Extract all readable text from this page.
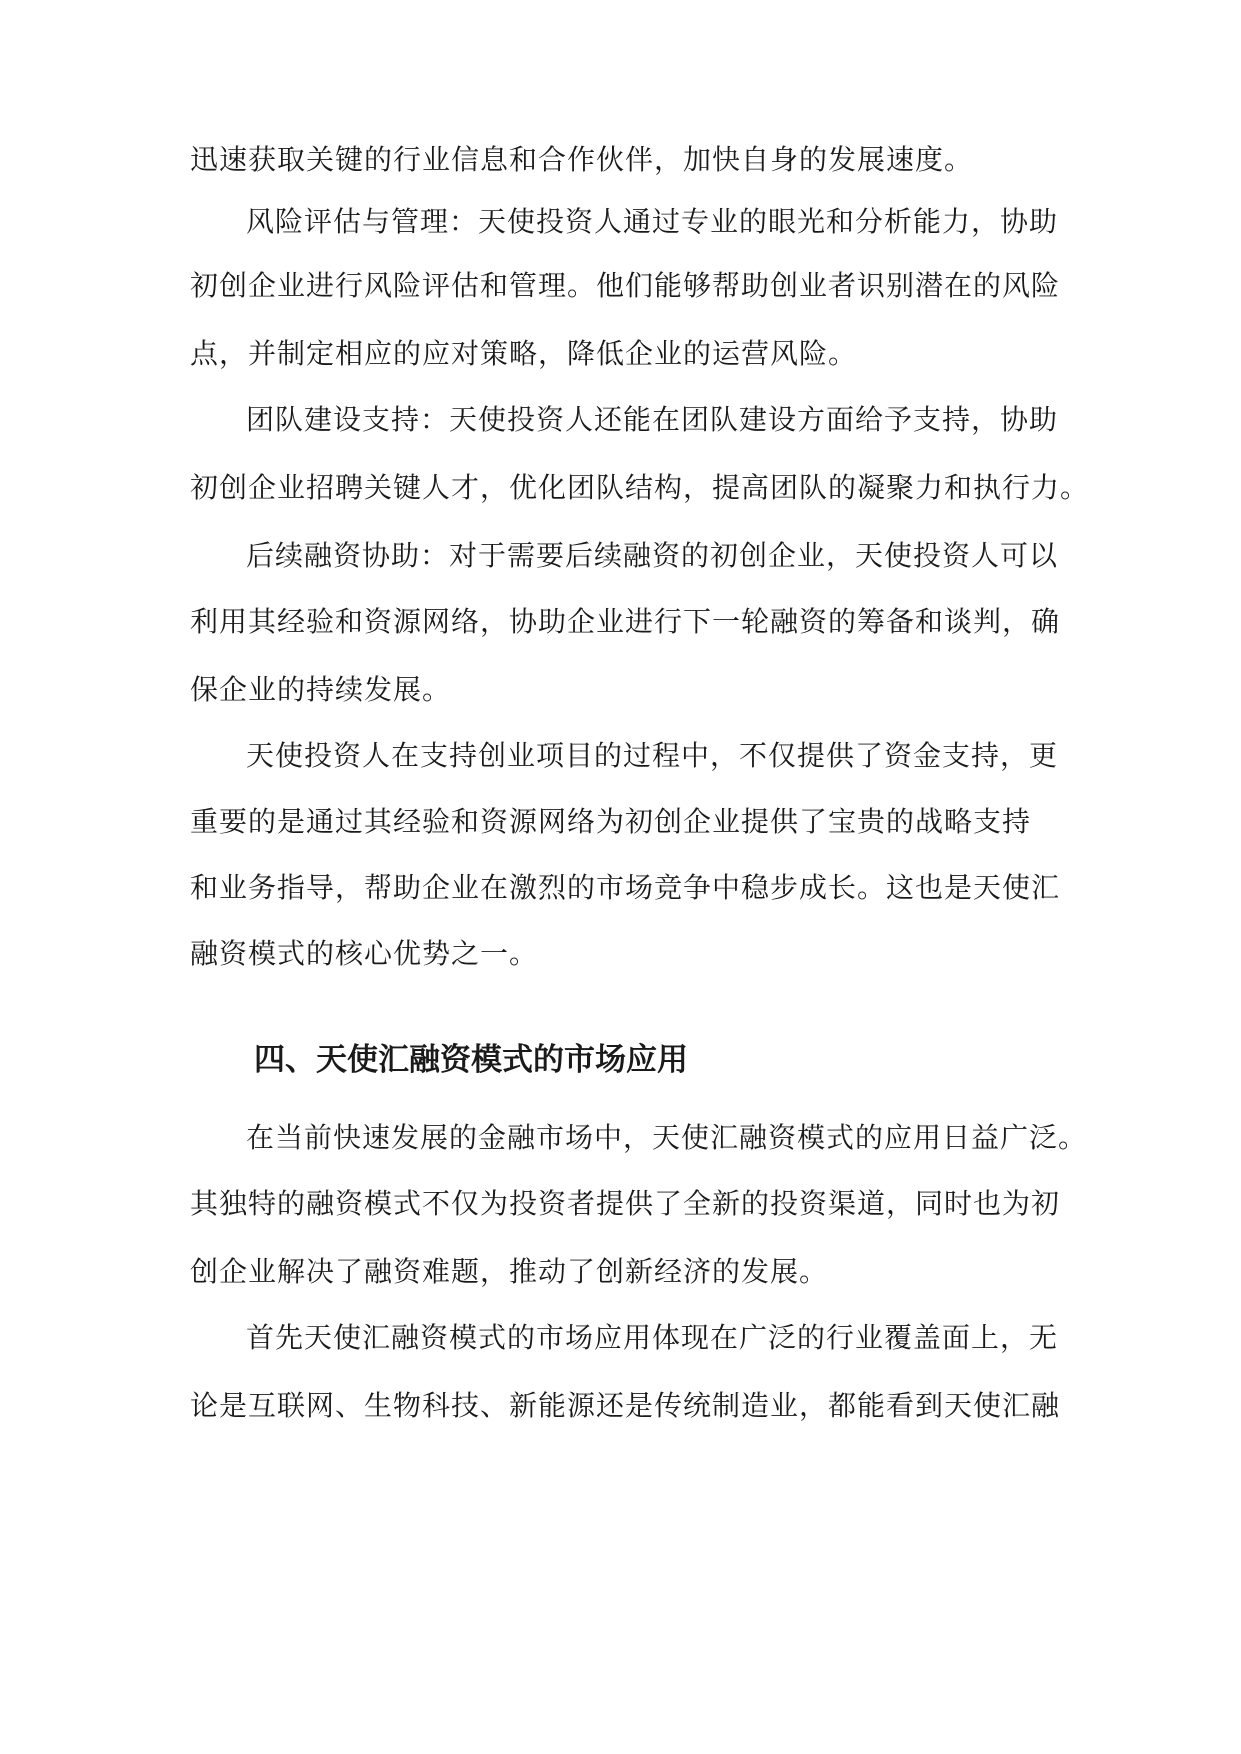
迅速获取关键的行业信息和合作伙伴，加快自身的发展速度。
风险评估与管理：天使投资人通过专业的眼光和分析能力，协助
初创企业进行风险评估和管理。他们能够帮助创业者识别潜在的风险
点，并制定相应的应对策略，降低企业的运营风险。
团队建设支持：天使投资人还能在团队建设方面给予支持，协助
初创企业招聘关键人才，优化团队结构，提高团队的凝聚力和执行力。
后续融资协助：对于需要后续融资的初创企业，天使投资人可以
利用其经验和资源网络，协助企业进行下一轮融资的筹备和谈判，确
保企业的持续发展。
天使投资人在支持创业项目的过程中，不仅提供了资金支持，更
重要的是通过其经验和资源网络为初创企业提供了宝贵的战略支持
和业务指导，帮助企业在激烈的市场竞争中稳步成长。这也是天使汇
融资模式的核心优势之一。
四、天使汇融资模式的市场应用
在当前快速发展的金融市场中，天使汇融资模式的应用日益广泛。
其独特的融资模式不仅为投资者提供了全新的投资渠道，同时也为初
创企业解决了融资难题，推动了创新经济的发展。
首先天使汇融资模式的市场应用体现在广泛的行业覆盖面上，无
论是互联网、生物科技、新能源还是传统制造业，都能看到天使汇融
